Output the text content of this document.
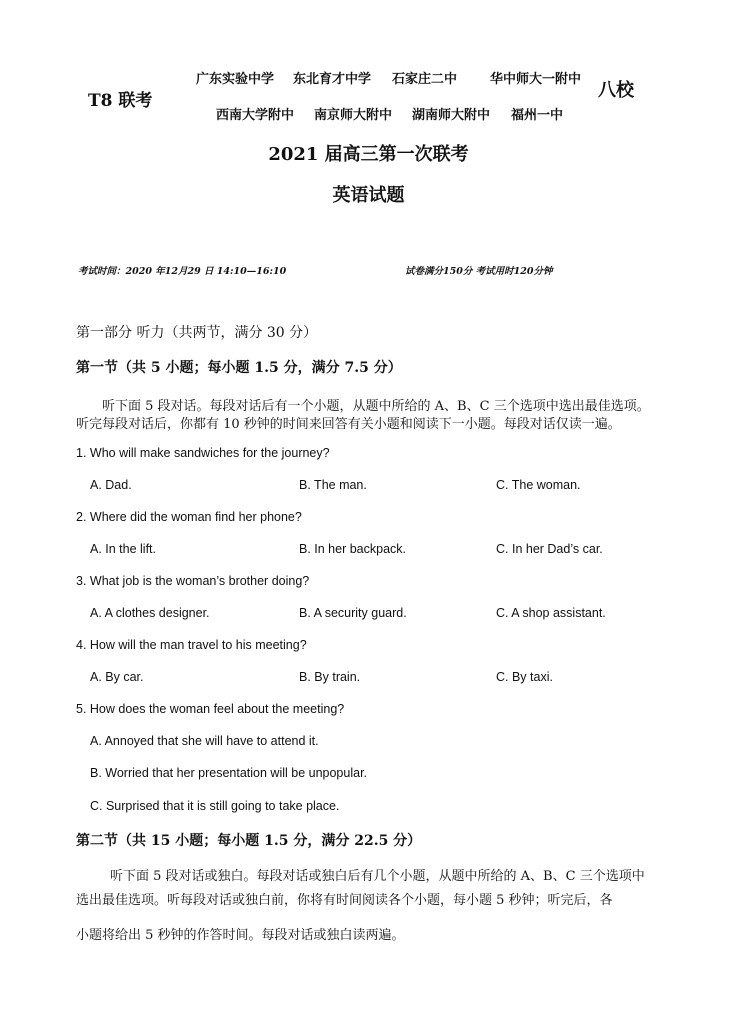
T8 联考
广东实验中学 东北育才中学 石家庄二中	华中师大一附中
西南大学附中 南京师大附中 湖南师大附中 福州一中
八校
2021 届高三第一次联考
英语试题
考试时间：2020 年12月29 日 14:10—16:10	试卷满分150分 考试用时120分钟
第一部分 听力（共两节，满分 30 分）
第一节（共 5 小题；每小题 1.5 分，满分 7.5 分）
听下面 5 段对话。每段对话后有一个小题，从题中所给的 A、B、C 三个选项中选出最佳选项。
听完每段对话后，你都有 10 秒钟的时间来回答有关小题和阅读下一小题。每段对话仅读一遍。
1. Who will make sandwiches for the journey?
A. Dad.	B. The man.	C. The woman.
2. Where did the woman find her phone?
A. In the lift.	B. In her backpack.	C. In her Dad’s car.
3. What job is the woman’s brother doing?
A. A clothes designer.	B. A security guard.	C. A shop assistant.
4. How will the man travel to his meeting?
A. By car.	B. By train.	C. By taxi.
5. How does the woman feel about the meeting?
A. Annoyed that she will have to attend it.
B. Worried that her presentation will be unpopular.
C. Surprised that it is still going to take place.
第二节（共 15 小题；每小题 1.5 分，满分 22.5 分）
听下面 5 段对话或独白。每段对话或独白后有几个小题，从题中所给的 A、B、C 三个选项中
选出最佳选项。听每段对话或独白前，你将有时间阅读各个小题，每小题 5 秒钟；听完后，各
小题将给出 5 秒钟的作答时间。每段对话或独白读两遍。
